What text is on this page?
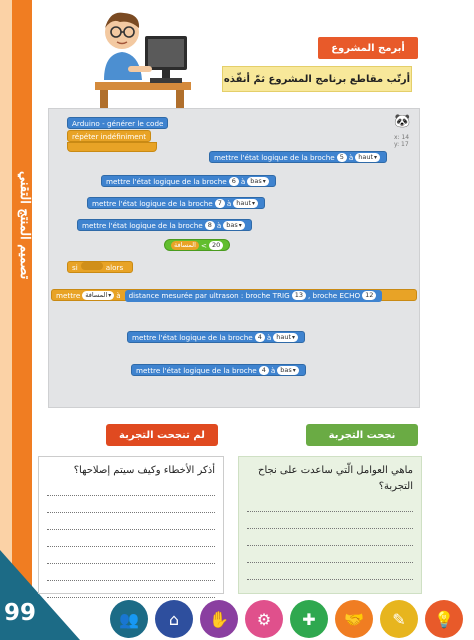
تصميم المنتج التقني
99
أبرمج المشروع
أرتّب مقاطع برنامج المشروع ثمّ أنفّذه
🐼
x: 14
y: 17
Arduino - générer le code
répéter indéfiniment
mettre l'état logique de la broche 5 à haut ▾
mettre l'état logique de la broche 6 à bas ▾
mettre l'état logique de la broche 7 à haut ▾
mettre l'état logique de la broche 8 à bas ▾
المسافة < 20
si	alors
mettre المسافة ▾ à distance mesurée par ultrason : broche TRIG 13 , broche ECHO 12
mettre l'état logique de la broche 4 à haut ▾
mettre l'état logique de la broche 4 à bas ▾
لم تنجحت التجربة	نجحت التجربة
أذكر الأخطاء وكيف سيتم إصلاحها؟	ماهي العوامل الّتي ساعدت على نجاح التجربة؟
👥	⌂	✋	⚙	✚	🤝	✎	💡
